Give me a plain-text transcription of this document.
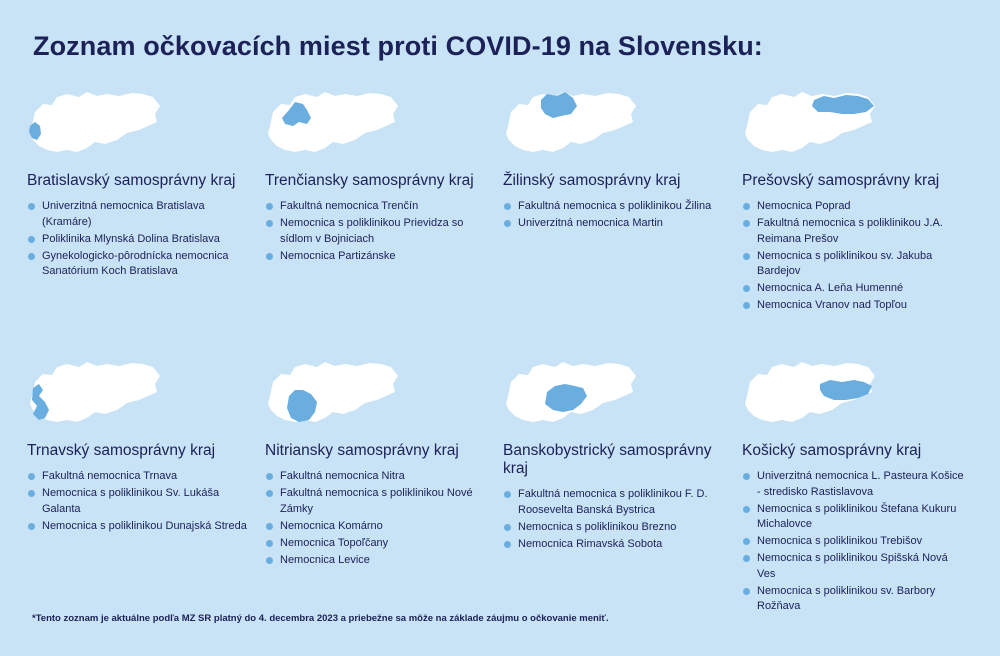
Zoznam očkovacích miest proti COVID-19 na Slovensku:
Bratislavský samosprávny kraj
Univerzitná nemocnica Bratislava (Kramáre)
Poliklinika Mlynská Dolina Bratislava
Gynekologicko-pôrodnícka nemocnica Sanatórium Koch Bratislava
Trenčiansky samosprávny kraj
Fakultná nemocnica Trenčín
Nemocnica s poliklinikou Prievidza so sídlom v Bojniciach
Nemocnica Partizánske
Žilinský samosprávny kraj
Fakultná nemocnica s poliklinikou Žilina
Univerzitná nemocnica Martin
Prešovský samosprávny kraj
Nemocnica Poprad
Fakultná nemocnica s poliklinikou J.A. Reimana Prešov
Nemocnica s poliklinikou sv. Jakuba Bardejov
Nemocnica A. Leňa Humenné
Nemocnica Vranov nad Topľou
Trnavský samosprávny kraj
Fakultná nemocnica Trnava
Nemocnica s poliklinikou Sv. Lukáša Galanta
Nemocnica s poliklinikou Dunajská Streda
Nitriansky samosprávny kraj
Fakultná nemocnica Nitra
Fakultná nemocnica s poliklinikou Nové Zámky
Nemocnica Komárno
Nemocnica Topoľčany
Nemocnica Levice
Banskobystrický samosprávny kraj
Fakultná nemocnica s poliklinikou F. D. Roosevelta Banská Bystrica
Nemocnica s poliklinikou Brezno
Nemocnica Rimavská Sobota
Košický samosprávny kraj
Univerzitná nemocnica L. Pasteura Košice - stredisko Rastislavova
Nemocnica s poliklinikou Štefana Kukuru Michalovce
Nemocnica s poliklinikou Trebišov
Nemocnica s poliklinikou Spišská Nová Ves
Nemocnica s poliklinikou sv. Barbory Rožňava
*Tento zoznam je aktuálne podľa MZ SR platný do 4. decembra 2023 a priebežne sa môže na základe záujmu o očkovanie meniť.
